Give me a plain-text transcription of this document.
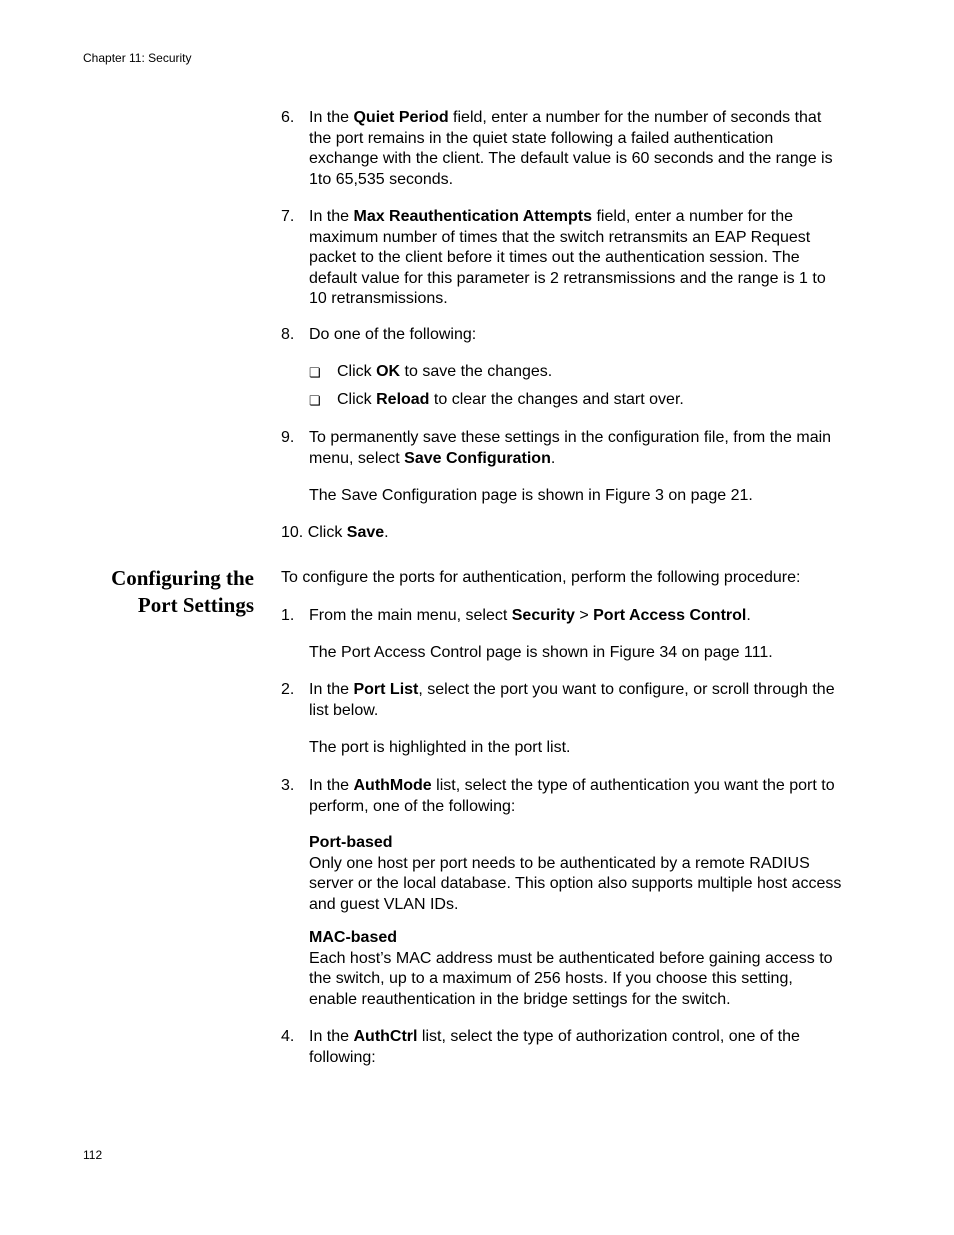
Chapter 11: Security
6. In the Quiet Period field, enter a number for the number of seconds that the port remains in the quiet state following a failed authentication exchange with the client. The default value is 60 seconds and the range is 1to 65,535 seconds.

7. In the Max Reauthentication Attempts field, enter a number for the maximum number of times that the switch retransmits an EAP Request packet to the client before it times out the authentication session. The default value for this parameter is 2 retransmissions and the range is 1 to 10 retransmissions.

8. Do one of the following:

❏ Click OK to save the changes.

❏ Click Reload to clear the changes and start over.

9. To permanently save these settings in the configuration file, from the main menu, select Save Configuration.

The Save Configuration page is shown in Figure 3 on page 21.

10. Click Save.

Configuring the
Port Settings

To configure the ports for authentication, perform the following procedure:

1. From the main menu, select Security > Port Access Control.

The Port Access Control page is shown in Figure 34 on page 111.

2. In the Port List, select the port you want to configure, or scroll through the list below.

The port is highlighted in the port list.

3. In the AuthMode list, select the type of authentication you want the port to perform, one of the following:

Port-based
Only one host per port needs to be authenticated by a remote RADIUS server or the local database. This option also supports multiple host access and guest VLAN IDs.
MAC-based
Each host’s MAC address must be authenticated before gaining access to the switch, up to a maximum of 256 hosts. If you choose this setting, enable reauthentication in the bridge settings for the switch.
4. In the AuthCtrl list, select the type of authorization control, one of the following:

112
